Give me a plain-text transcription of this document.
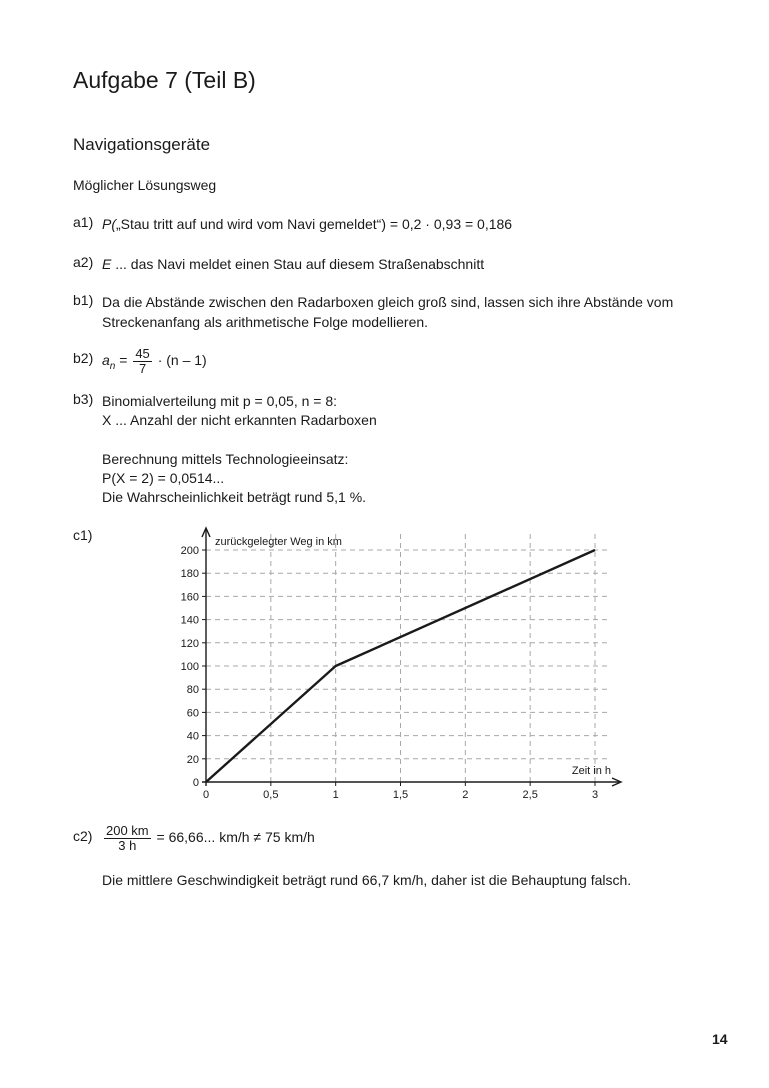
Aufgabe 7 (Teil B)
Navigationsgeräte
Möglicher Lösungsweg
a1) P(„Stau tritt auf und wird vom Navi gemeldet“) = 0,2 · 0,93 = 0,186
a2) E ... das Navi meldet einen Stau auf diesem Straßenabschnitt
b1) Da die Abstände zwischen den Radarboxen gleich groß sind, lassen sich ihre Abstände vom
Streckenanfang als arithmetische Folge modellieren.
b2) $a_n = \frac{45}{7} \cdot (n - 1)$
b3) Binomialverteilung mit p = 0,05, n = 8:
X ... Anzahl der nicht erkannten Radarboxen
Berechnung mittels Technologieeinsatz:
P(X = 2) = 0,0514...
Die Wahrscheinlichkeit beträgt rund 5,1 %.
c1)
0
20
40
60
80
100
120
140
160
180
200
0	0,5	1	1,5	2	2,5	3
zurückgelegter Weg in km
Zeit in h
$c2) \frac{200 km}{3 h} = 66,66$... km/h ≠ 75 km/h
Die mittlere Geschwindigkeit beträgt rund 66,7 km/h, daher ist die Behauptung falsch.
14
